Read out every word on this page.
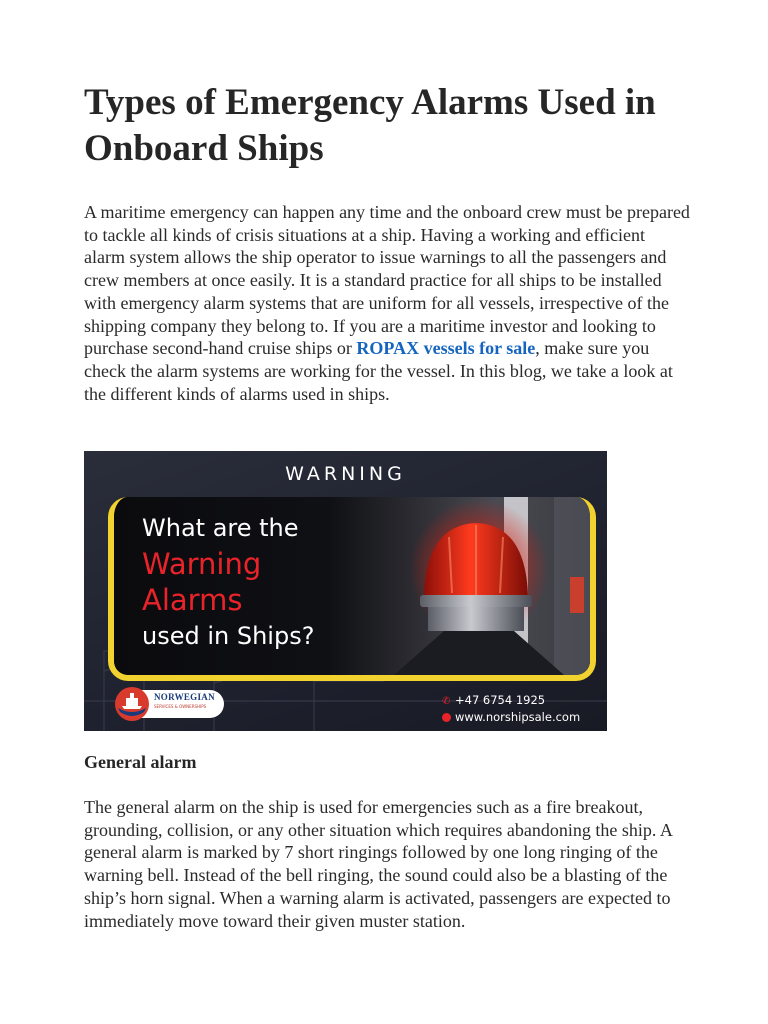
Types of Emergency Alarms Used in Onboard Ships

A maritime emergency can happen any time and the onboard crew must be prepared to tackle all kinds of crisis situations at a ship. Having a working and efficient alarm system allows the ship operator to issue warnings to all the passengers and crew members at once easily. It is a standard practice for all ships to be installed with emergency alarm systems that are uniform for all vessels, irrespective of the shipping company they belong to. If you are a maritime investor and looking to purchase second-hand cruise ships or ROPAX vessels for sale, make sure you check the alarm systems are working for the vessel. In this blog, we take a look at the different kinds of alarms used in ships.

WARNING
What are the
Warning
Alarms
used in Ships?
NORWEGIAN
SERVICES & OWNERSHIPS	✆ +47 6754 1925
www.norshipsale.com
General alarm

The general alarm on the ship is used for emergencies such as a fire breakout, grounding, collision, or any other situation which requires abandoning the ship. A general alarm is marked by 7 short ringings followed by one long ringing of the warning bell. Instead of the bell ringing, the sound could also be a blasting of the ship’s horn signal. When a warning alarm is activated, passengers are expected to immediately move toward their given muster station.
